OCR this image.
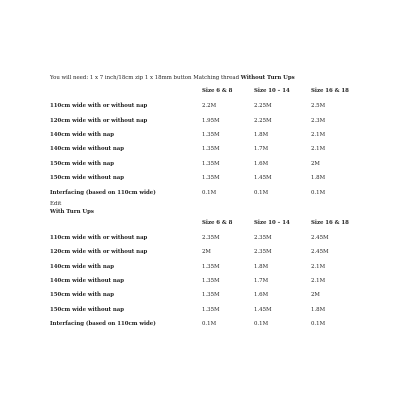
You will need: 1 x 7 inch/18cm zip 1 x 18mm button Matching thread Without Turn Ups
	Size 6 & 8	Size 10 – 14	Size 16 & 18
110cm wide with or without nap	2.2M	2.25M	2.5M
120cm wide with or without nap	1.95M	2.25M	2.3M
140cm wide with nap	1.35M	1.8M	2.1M
140cm wide without nap	1.35M	1.7M	2.1M
150cm wide with nap	1.35M	1.6M	2M
150cm wide without nap	1.35M	1.45M	1.8M
Interfacing (based on 110cm wide)	0.1M	0.1M	0.1M
Edit
With Turn Ups
	Size 6 & 8	Size 10 – 14	Size 16 & 18
110cm wide with or without nap	2.35M	2.35M	2.45M
120cm wide with or without nap	2M	2.35M	2.45M
140cm wide with nap	1.35M	1.8M	2.1M
140cm wide without nap	1.35M	1.7M	2.1M
150cm wide with nap	1.35M	1.6M	2M
150cm wide without nap	1.35M	1.45M	1.8M
Interfacing (based on 110cm wide)	0.1M	0.1M	0.1M
